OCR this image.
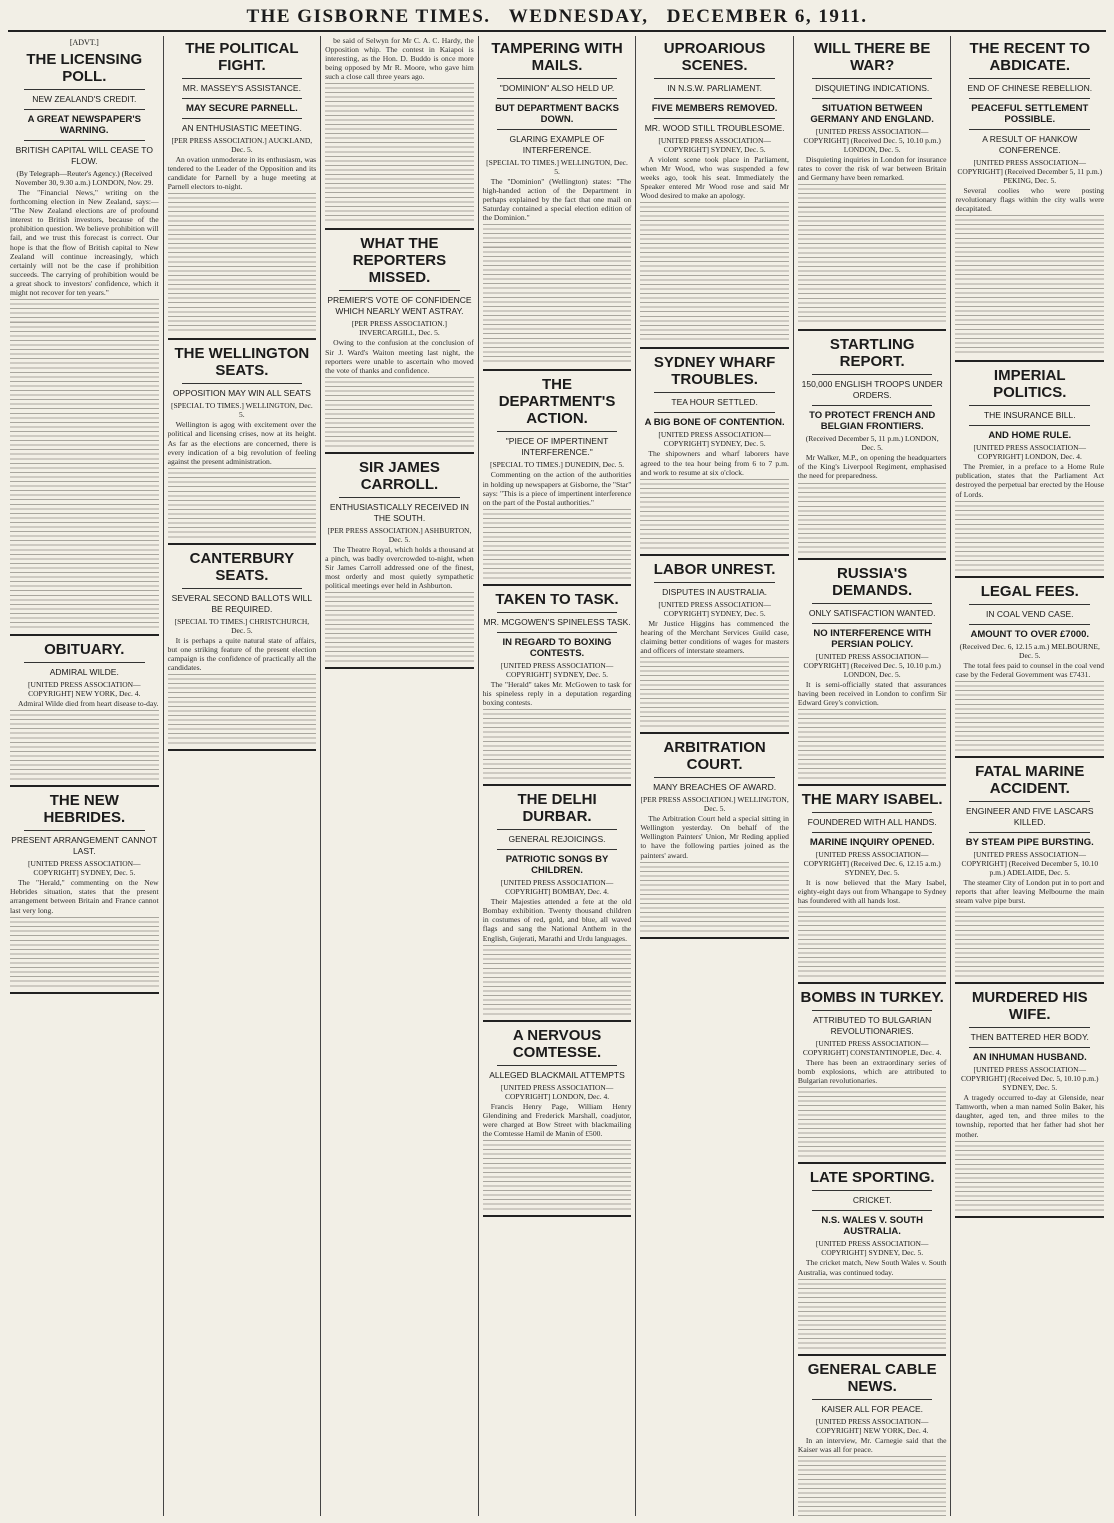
THE GISBORNE TIMES. WEDNESDAY, DECEMBER 6, 1911.
[ADVT.]
THE LICENSING POLL.
NEW ZEALAND'S CREDIT.
A GREAT NEWSPAPER'S WARNING.
BRITISH CAPITAL WILL CEASE TO FLOW.
(By Telegraph—Reuter's Agency.) (Received November 30, 9.30 a.m.) LONDON, Nov. 29.

The "Financial News," writing on the forthcoming election in New Zealand, says:— "The New Zealand elections are of profound interest to British investors, because of the prohibition question. We believe prohibition will fail, and we trust this forecast is correct. Our hope is that the flow of British capital to New Zealand will continue increasingly, which certainly will not be the case if prohibition succeeds. The carrying of prohibition would be a great shock to investors' confidence, which it might not recover for ten years."

OBITUARY.
ADMIRAL WILDE.
[UNITED PRESS ASSOCIATION—COPYRIGHT] NEW YORK, Dec. 4.

Admiral Wilde died from heart disease to-day.

THE NEW HEBRIDES.
PRESENT ARRANGEMENT CANNOT LAST.
[UNITED PRESS ASSOCIATION—COPYRIGHT] SYDNEY, Dec. 5.

The "Herald," commenting on the New Hebrides situation, states that the present arrangement between Britain and France cannot last very long.

THE POLITICAL FIGHT.
MR. MASSEY'S ASSISTANCE.
MAY SECURE PARNELL.
AN ENTHUSIASTIC MEETING.
[PER PRESS ASSOCIATION.] AUCKLAND, Dec. 5.

An ovation unmoderate in its enthusiasm, was tendered to the Leader of the Opposition and its candidate for Parnell by a huge meeting at Parnell electors to-night.

THE WELLINGTON SEATS.
OPPOSITION MAY WIN ALL SEATS
[SPECIAL TO TIMES.] WELLINGTON, Dec. 5.

Wellington is agog with excitement over the political and licensing crises, now at its height. As far as the elections are concerned, there is every indication of a big revolution of feeling against the present administration.

CANTERBURY SEATS.
SEVERAL SECOND BALLOTS WILL BE REQUIRED.
[SPECIAL TO TIMES.] CHRISTCHURCH, Dec. 5.

It is perhaps a quite natural state of affairs, but one striking feature of the present election campaign is the confidence of practically all the candidates.

be said of Selwyn for Mr C. A. C. Hardy, the Opposition whip. The contest in Kaiapoi is interesting, as the Hon. D. Buddo is once more being opposed by Mr R. Moore, who gave him such a close call three years ago.

WHAT THE REPORTERS MISSED.
PREMIER'S VOTE OF CONFIDENCE WHICH NEARLY WENT ASTRAY.
[PER PRESS ASSOCIATION.] INVERCARGILL, Dec. 5.

Owing to the confusion at the conclusion of Sir J. Ward's Waiton meeting last night, the reporters were unable to ascertain who moved the vote of thanks and confidence.

SIR JAMES CARROLL.
ENTHUSIASTICALLY RECEIVED IN THE SOUTH.
[PER PRESS ASSOCIATION.] ASHBURTON, Dec. 5.

The Theatre Royal, which holds a thousand at a pinch, was badly overcrowded to-night, when Sir James Carroll addressed one of the finest, most orderly and most quietly sympathetic political meetings ever held in Ashburton.

TAMPERING WITH MAILS.
"DOMINION" ALSO HELD UP.
BUT DEPARTMENT BACKS DOWN.
GLARING EXAMPLE OF INTERFERENCE.
[SPECIAL TO TIMES.] WELLINGTON, Dec. 5.

The "Dominion" (Wellington) states: "The high-handed action of the Department in perhaps explained by the fact that one mail on Saturday contained a special election edition of the Dominion."

THE DEPARTMENT'S ACTION.
"PIECE OF IMPERTINENT INTERFERENCE."
[SPECIAL TO TIMES.] DUNEDIN, Dec. 5.

Commenting on the action of the authorities in holding up newspapers at Gisborne, the "Star" says: "This is a piece of impertinent interference on the part of the Postal authorities."

TAKEN TO TASK.
MR. MCGOWEN'S SPINELESS TASK.
IN REGARD TO BOXING CONTESTS.
[UNITED PRESS ASSOCIATION—COPYRIGHT] SYDNEY, Dec. 5.

The "Herald" takes Mr. McGowen to task for his spineless reply in a deputation regarding boxing contests.

THE DELHI DURBAR.
GENERAL REJOICINGS.
PATRIOTIC SONGS BY CHILDREN.
[UNITED PRESS ASSOCIATION—COPYRIGHT] BOMBAY, Dec. 4.

Their Majesties attended a fete at the old Bombay exhibition. Twenty thousand children in costumes of red, gold, and blue, all waved flags and sang the National Anthem in the English, Gujerati, Marathi and Urdu languages.

A NERVOUS COMTESSE.
ALLEGED BLACKMAIL ATTEMPTS
[UNITED PRESS ASSOCIATION—COPYRIGHT] LONDON, Dec. 4.

Francis Henry Page, William Henry Glendining and Frederick Marshall, coadjutor, were charged at Bow Street with blackmailing the Comtesse Hamil de Manin of £500.

UPROARIOUS SCENES.
IN N.S.W. PARLIAMENT.
FIVE MEMBERS REMOVED.
MR. WOOD STILL TROUBLESOME.
[UNITED PRESS ASSOCIATION—COPYRIGHT] SYDNEY, Dec. 5.

A violent scene took place in Parliament, when Mr Wood, who was suspended a few weeks ago, took his seat. Immediately the Speaker entered Mr Wood rose and said Mr Wood desired to make an apology.

SYDNEY WHARF TROUBLES.
TEA HOUR SETTLED.
A BIG BONE OF CONTENTION.
[UNITED PRESS ASSOCIATION—COPYRIGHT] SYDNEY, Dec. 5.

The shipowners and wharf laborers have agreed to the tea hour being from 6 to 7 p.m. and work to resume at six o'clock.

LABOR UNREST.
DISPUTES IN AUSTRALIA.
[UNITED PRESS ASSOCIATION—COPYRIGHT] SYDNEY, Dec. 5.

Mr Justice Higgins has commenced the hearing of the Merchant Services Guild case, claiming better conditions of wages for masters and officers of interstate steamers.

ARBITRATION COURT.
MANY BREACHES OF AWARD.
[PER PRESS ASSOCIATION.] WELLINGTON, Dec. 5.

The Arbitration Court held a special sitting in Wellington yesterday. On behalf of the Wellington Painters' Union, Mr Reding applied to have the following parties joined as the painters' award.

WILL THERE BE WAR?
DISQUIETING INDICATIONS.
SITUATION BETWEEN GERMANY AND ENGLAND.
[UNITED PRESS ASSOCIATION—COPYRIGHT] (Received Dec. 5, 10.10 p.m.) LONDON, Dec. 5.

Disquieting inquiries in London for insurance rates to cover the risk of war between Britain and Germany have been remarked.

STARTLING REPORT.
150,000 ENGLISH TROOPS UNDER ORDERS.
TO PROTECT FRENCH AND BELGIAN FRONTIERS.
(Received December 5, 11 p.m.) LONDON, Dec. 5.

Mr Walker, M.P., on opening the headquarters of the King's Liverpool Regiment, emphasised the need for preparedness.

RUSSIA'S DEMANDS.
ONLY SATISFACTION WANTED.
NO INTERFERENCE WITH PERSIAN POLICY.
[UNITED PRESS ASSOCIATION—COPYRIGHT] (Received Dec. 5, 10.10 p.m.) LONDON, Dec. 5.

It is semi-officially stated that assurances having been received in London to confirm Sir Edward Grey's conviction.

THE MARY ISABEL.
FOUNDERED WITH ALL HANDS.
MARINE INQUIRY OPENED.
[UNITED PRESS ASSOCIATION—COPYRIGHT] (Received Dec. 6, 12.15 a.m.) SYDNEY, Dec. 5.

It is now believed that the Mary Isabel, eighty-eight days out from Whangape to Sydney has foundered with all hands lost.

BOMBS IN TURKEY.
ATTRIBUTED TO BULGARIAN REVOLUTIONARIES.
[UNITED PRESS ASSOCIATION—COPYRIGHT] CONSTANTINOPLE, Dec. 4.

There has been an extraordinary series of bomb explosions, which are attributed to Bulgarian revolutionaries.

LATE SPORTING.
CRICKET.
N.S. WALES V. SOUTH AUSTRALIA.
[UNITED PRESS ASSOCIATION—COPYRIGHT] SYDNEY, Dec. 5.

The cricket match, New South Wales v. South Australia, was continued today.

GENERAL CABLE NEWS.
KAISER ALL FOR PEACE.
[UNITED PRESS ASSOCIATION—COPYRIGHT] NEW YORK, Dec. 4.

In an interview, Mr. Carnegie said that the Kaiser was all for peace.

THE RECENT TO ABDICATE.
END OF CHINESE REBELLION.
PEACEFUL SETTLEMENT POSSIBLE.
A RESULT OF HANKOW CONFERENCE.
[UNITED PRESS ASSOCIATION—COPYRIGHT] (Received December 5, 11 p.m.) PEKING, Dec. 5.

Several coolies who were posting revolutionary flags within the city walls were decapitated.

IMPERIAL POLITICS.
THE INSURANCE BILL.
AND HOME RULE.
[UNITED PRESS ASSOCIATION—COPYRIGHT] LONDON, Dec. 4.

The Premier, in a preface to a Home Rule publication, states that the Parliament Act destroyed the perpetual bar erected by the House of Lords.

LEGAL FEES.
IN COAL VEND CASE.
AMOUNT TO OVER £7000.
(Received Dec. 6, 12.15 a.m.) MELBOURNE, Dec. 5.

The total fees paid to counsel in the coal vend case by the Federal Government was £7431.

FATAL MARINE ACCIDENT.
ENGINEER AND FIVE LASCARS KILLED.
BY STEAM PIPE BURSTING.
[UNITED PRESS ASSOCIATION—COPYRIGHT] (Received December 5, 10.10 p.m.) ADELAIDE, Dec. 5.

The steamer City of London put in to port and reports that after leaving Melbourne the main steam valve pipe burst.

MURDERED HIS WIFE.
THEN BATTERED HER BODY.
AN INHUMAN HUSBAND.
[UNITED PRESS ASSOCIATION—COPYRIGHT] (Received Dec. 5, 10.10 p.m.) SYDNEY, Dec. 5.

A tragedy occurred to-day at Glenside, near Tamworth, when a man named Solin Baker, his daughter, aged ten, and three miles to the township, reported that her father had shot her mother.
